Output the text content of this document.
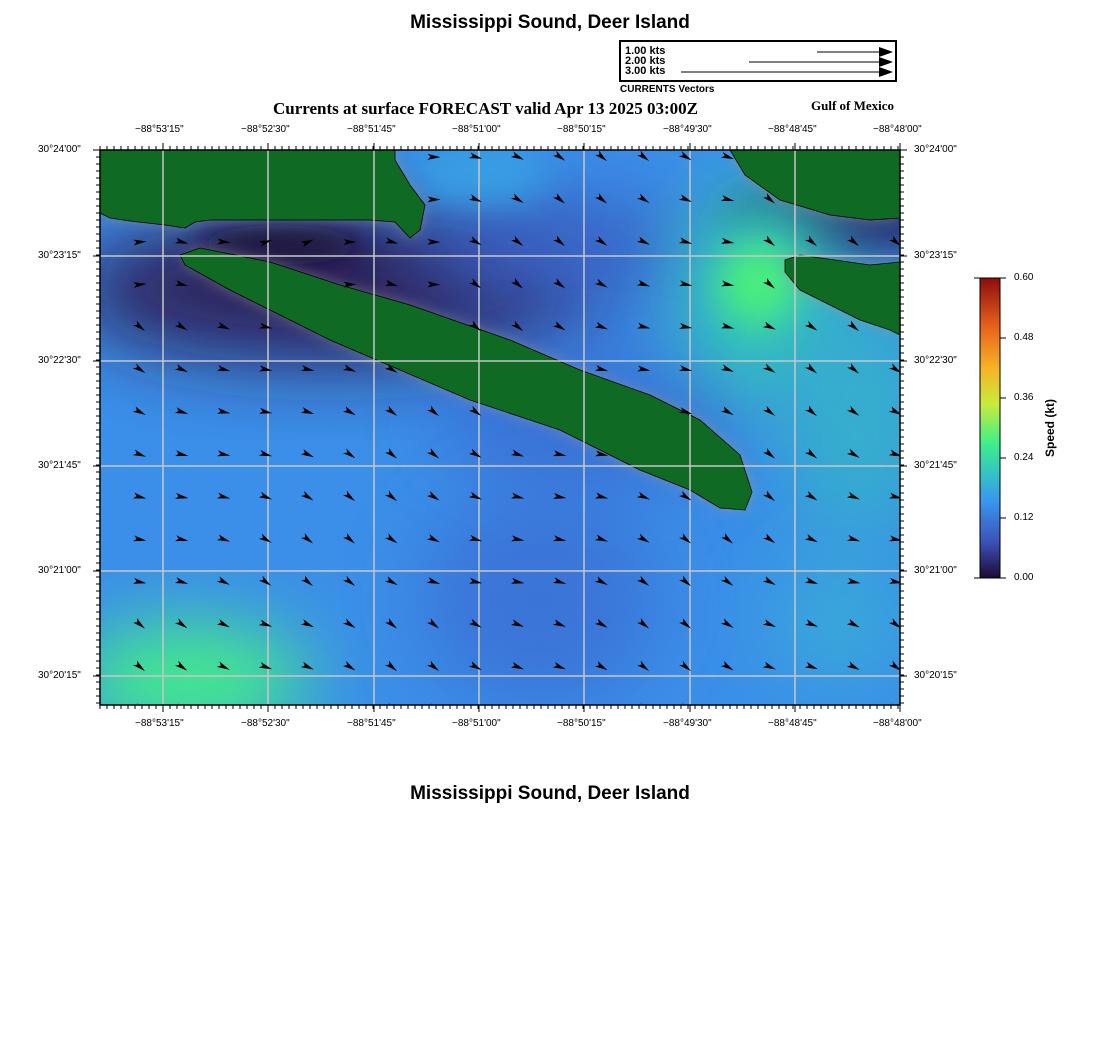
Mississippi Sound, Deer Island
1.00 kts
2.00 kts
3.00 kts
CURRENTS Vectors
Currents at surface FORECAST valid Apr 13 2025 03:00Z	Gulf of Mexico
−88°53'15"	−88°52'30"	−88°51'45"	−88°51'00"	−88°50'15"	−88°49'30"	−88°48'45"	−88°48'00"
−88°53'15"	−88°52'30"	−88°51'45"	−88°51'00"	−88°50'15"	−88°49'30"	−88°48'45"	−88°48'00"
30°24'00"
30°23'15"
30°22'30"
30°21'45"
30°21'00"
30°20'15"
30°24'00"
30°23'15"
30°22'30"
30°21'45"
30°21'00"
30°20'15"
0.60
0.48
0.36
0.24
0.12
0.00
Speed (kt)
Mississippi Sound, Deer Island
